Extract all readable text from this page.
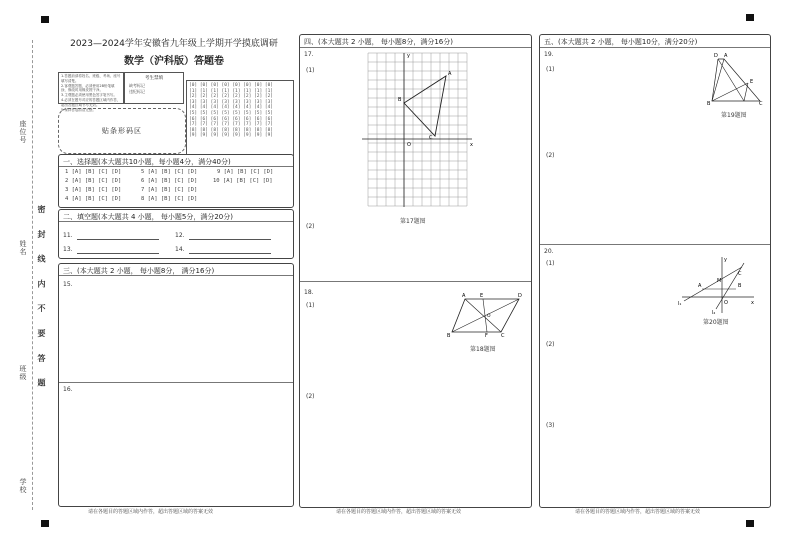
座位号
姓名
班级
学校
密 封 线 内 不 要 答 题
2023—2024学年安徽省九年级上学期开学摸底调研
数学（沪科版）答题卷
1.答题前请将姓名、班级、考场、座号填写清楚。
2.客观题答题，必须使用2B铅笔填涂，修改时用橡皮擦干净。
3.主观题必须使用黑色签字笔书写。
4.必须在题号对应的答题区域内作答，超出答题区域书写无效。
5.保持答卷清洁完整。
考生禁填
缺考标记
违纪标记
[0] [0] [0] [0] [0] [0] [0] [0]
[1] [1] [1] [1] [1] [1] [1] [1]
[2] [2] [2] [2] [2] [2] [2] [2]
[3] [3] [3] [3] [3] [3] [3] [3]
[4] [4] [4] [4] [4] [4] [4] [4]
[5] [5] [5] [5] [5] [5] [5] [5]
[6] [6] [6] [6] [6] [6] [6] [6]
[7] [7] [7] [7] [7] [7] [7] [7]
[8] [8] [8] [8] [8] [8] [8] [8]
[9] [9] [9] [9] [9] [9] [9] [9]
贴条形码区
一、选择题(本大题共10小题，每小题4分，满分40分)
1 [A] [B] [C] [D]
2 [A] [B] [C] [D]
3 [A] [B] [C] [D]
4 [A] [B] [C] [D]
5 [A] [B] [C] [D]
6 [A] [B] [C] [D]
7 [A] [B] [C] [D]
8 [A] [B] [C] [D]
9 [A] [B] [C] [D]
10 [A] [B] [C] [D]
二、填空题(本大题共 4 小题， 每小题5分，满分20分)
11.	12.
13.	14.
三、(本大题共 2 小题， 每小题8分， 满分16分)
15.
16.
请在各题目的答题区域内作答，超出答题区域的答案无效
四、(本大题共 2 小题， 每小题8分，满分16分)
17.
(1)
(2)
A
B
C
O	x
y
第17题图
18.
(1)
(2)
A	E	D
O
B	F	C
第18题图
请在各题目的答题区域内作答，超出答题区域的答案无效
五、(本大题共 2 小题， 每小题10分，满分20分)
19.
(1)
(2)
D A
E
B	C
第19题图
20.
(1)
(2)
(3)
y
M
A
C
B
O	x
l₁
l₂
第20题图
请在各题目的答题区域内作答，超出答题区域的答案无效
